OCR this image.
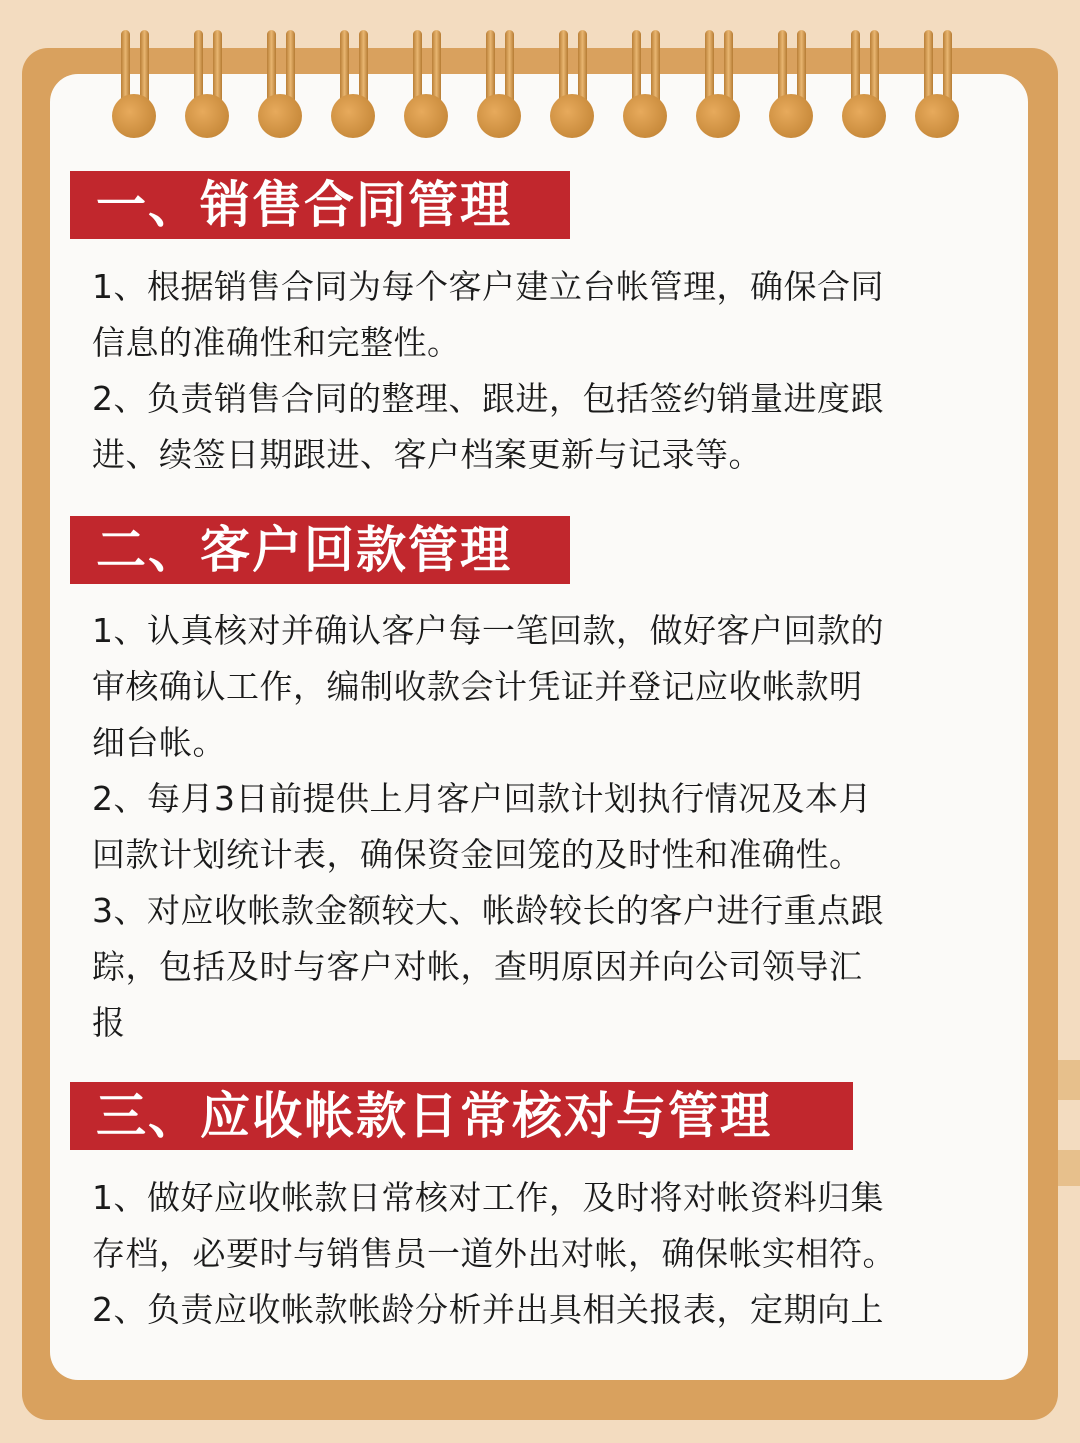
一、销售合同管理

1、根据销售合同为每个客户建立台帐管理，确保合同

信息的准确性和完整性。

2、负责销售合同的整理、跟进，包括签约销量进度跟

进、续签日期跟进、客户档案更新与记录等。

二、客户回款管理

1、认真核对并确认客户每一笔回款，做好客户回款的

审核确认工作，编制收款会计凭证并登记应收帐款明

细台帐。

2、每月3日前提供上月客户回款计划执行情况及本月

回款计划统计表，确保资金回笼的及时性和准确性。

3、对应收帐款金额较大、帐龄较长的客户进行重点跟

踪，包括及时与客户对帐，查明原因并向公司领导汇

报

三、应收帐款日常核对与管理

1、做好应收帐款日常核对工作，及时将对帐资料归集

存档，必要时与销售员一道外出对帐，确保帐实相符。

2、负责应收帐款帐龄分析并出具相关报表，定期向上
